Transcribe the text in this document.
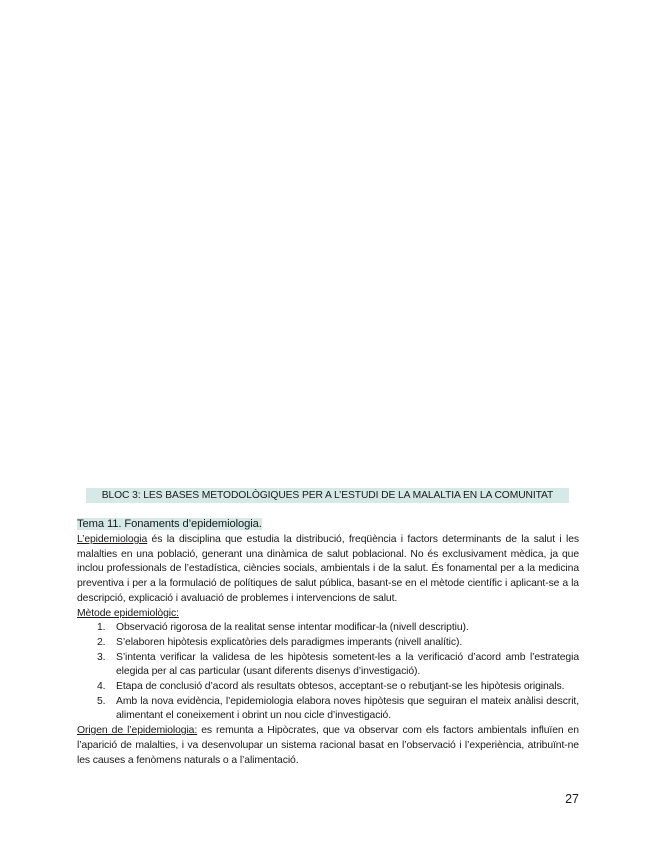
BLOC 3: LES BASES METODOLÒGIQUES PER A L’ESTUDI DE LA MALALTIA EN LA COMUNITAT
Tema 11. Fonaments d’epidemiologia.

L’epidemiologia és la disciplina que estudia la distribució, freqüència i factors determinants de la salut i les malalties en una població, generant una dinàmica de salut poblacional. No és exclusivament mèdica, ja que inclou professionals de l’estadística, ciències socials, ambientals i de la salut. És fonamental per a la medicina preventiva i per a la formulació de polítiques de salut pública, basant-se en el mètode científic i aplicant-se a la descripció, explicació i avaluació de problemes i intervencions de salut.

Mètode epidemiològic:

1. Observació rigorosa de la realitat sense intentar modificar-la (nivell descriptiu).
2. S’elaboren hipòtesis explicatòries dels paradigmes imperants (nivell analític).
3. S’intenta verificar la validesa de les hipòtesis sometent-les a la verificació d’acord amb l’estrategia elegida per al cas particular (usant diferents disenys d’investigació).
4. Etapa de conclusió d’acord als resultats obtesos, acceptant-se o rebutjant-se les hipòtesis originals.
5. Amb la nova evidència, l’epidemiologia elabora noves hipòtesis que seguiran el mateix anàlisi descrit, alimentant el coneixement i obrint un nou cicle d’investigació.

Origen de l’epidemiologia: es remunta a Hipòcrates, que va observar com els factors ambientals influïen en l’aparició de malalties, i va desenvolupar un sistema racional basat en l’observació i l’experiència, atribuïnt-ne les causes a fenòmens naturals o a l’alimentació.

27
